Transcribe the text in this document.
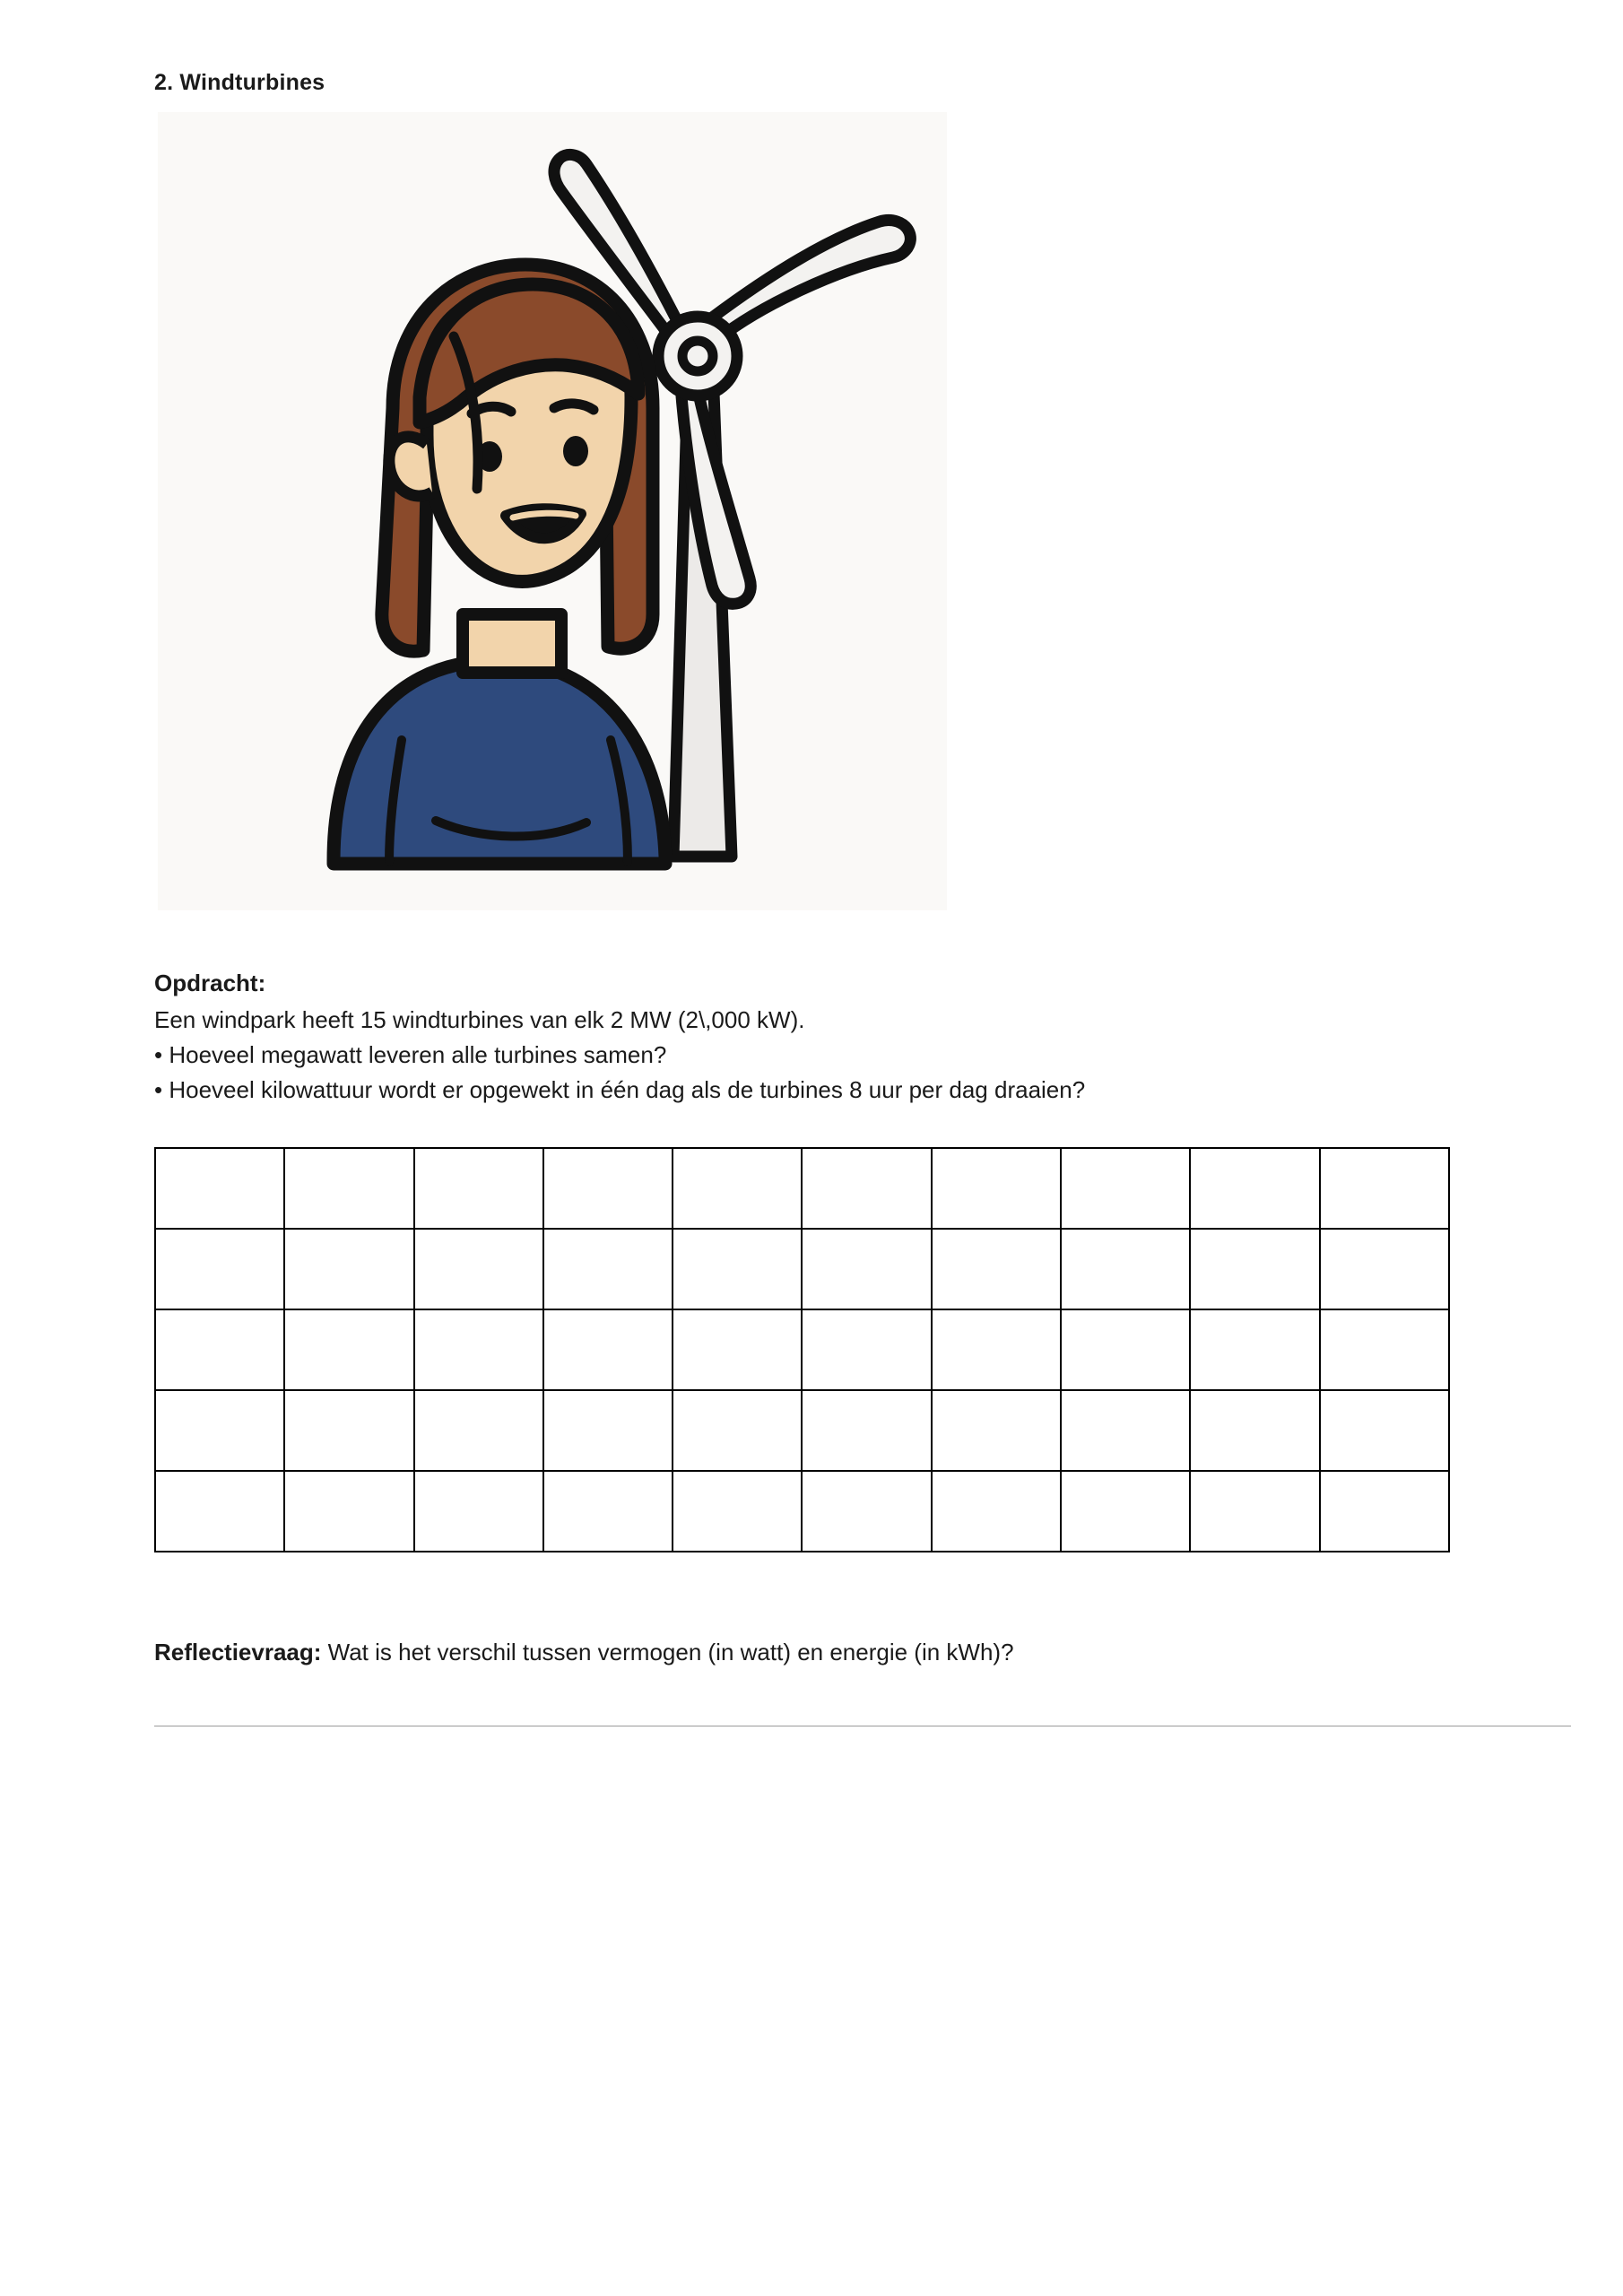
2. Windturbines
Opdracht:

Een windpark heeft 15 windturbines van elk 2 MW (2\,000 kW).

• Hoeveel megawatt leveren alle turbines samen?

• Hoeveel kilowattuur wordt er opgewekt in één dag als de turbines 8 uur per dag draaien?

Reflectievraag: Wat is het verschil tussen vermogen (in watt) en energie (in kWh)?
